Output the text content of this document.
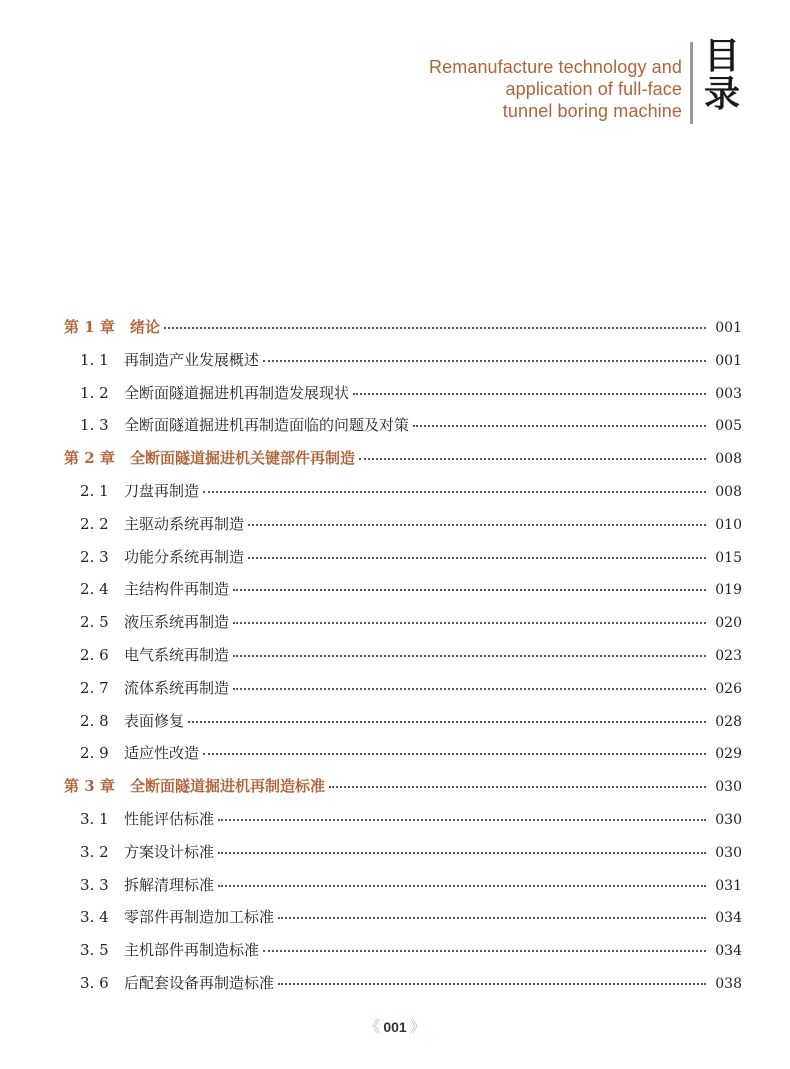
Remanufacture technology and
application of full-face
tunnel boring machine
目
录
第 1 章	绪论	001
1. 1	再制造产业发展概述	001
1. 2	全断面隧道掘进机再制造发展现状	003
1. 3	全断面隧道掘进机再制造面临的问题及对策	005
第 2 章	全断面隧道掘进机关键部件再制造	008
2. 1	刀盘再制造	008
2. 2	主驱动系统再制造	010
2. 3	功能分系统再制造	015
2. 4	主结构件再制造	019
2. 5	液压系统再制造	020
2. 6	电气系统再制造	023
2. 7	流体系统再制造	026
2. 8	表面修复	028
2. 9	适应性改造	029
第 3 章	全断面隧道掘进机再制造标准	030
3. 1	性能评估标准	030
3. 2	方案设计标准	030
3. 3	拆解清理标准	031
3. 4	零部件再制造加工标准	034
3. 5	主机部件再制造标准	034
3. 6	后配套设备再制造标准	038
《 001 》
